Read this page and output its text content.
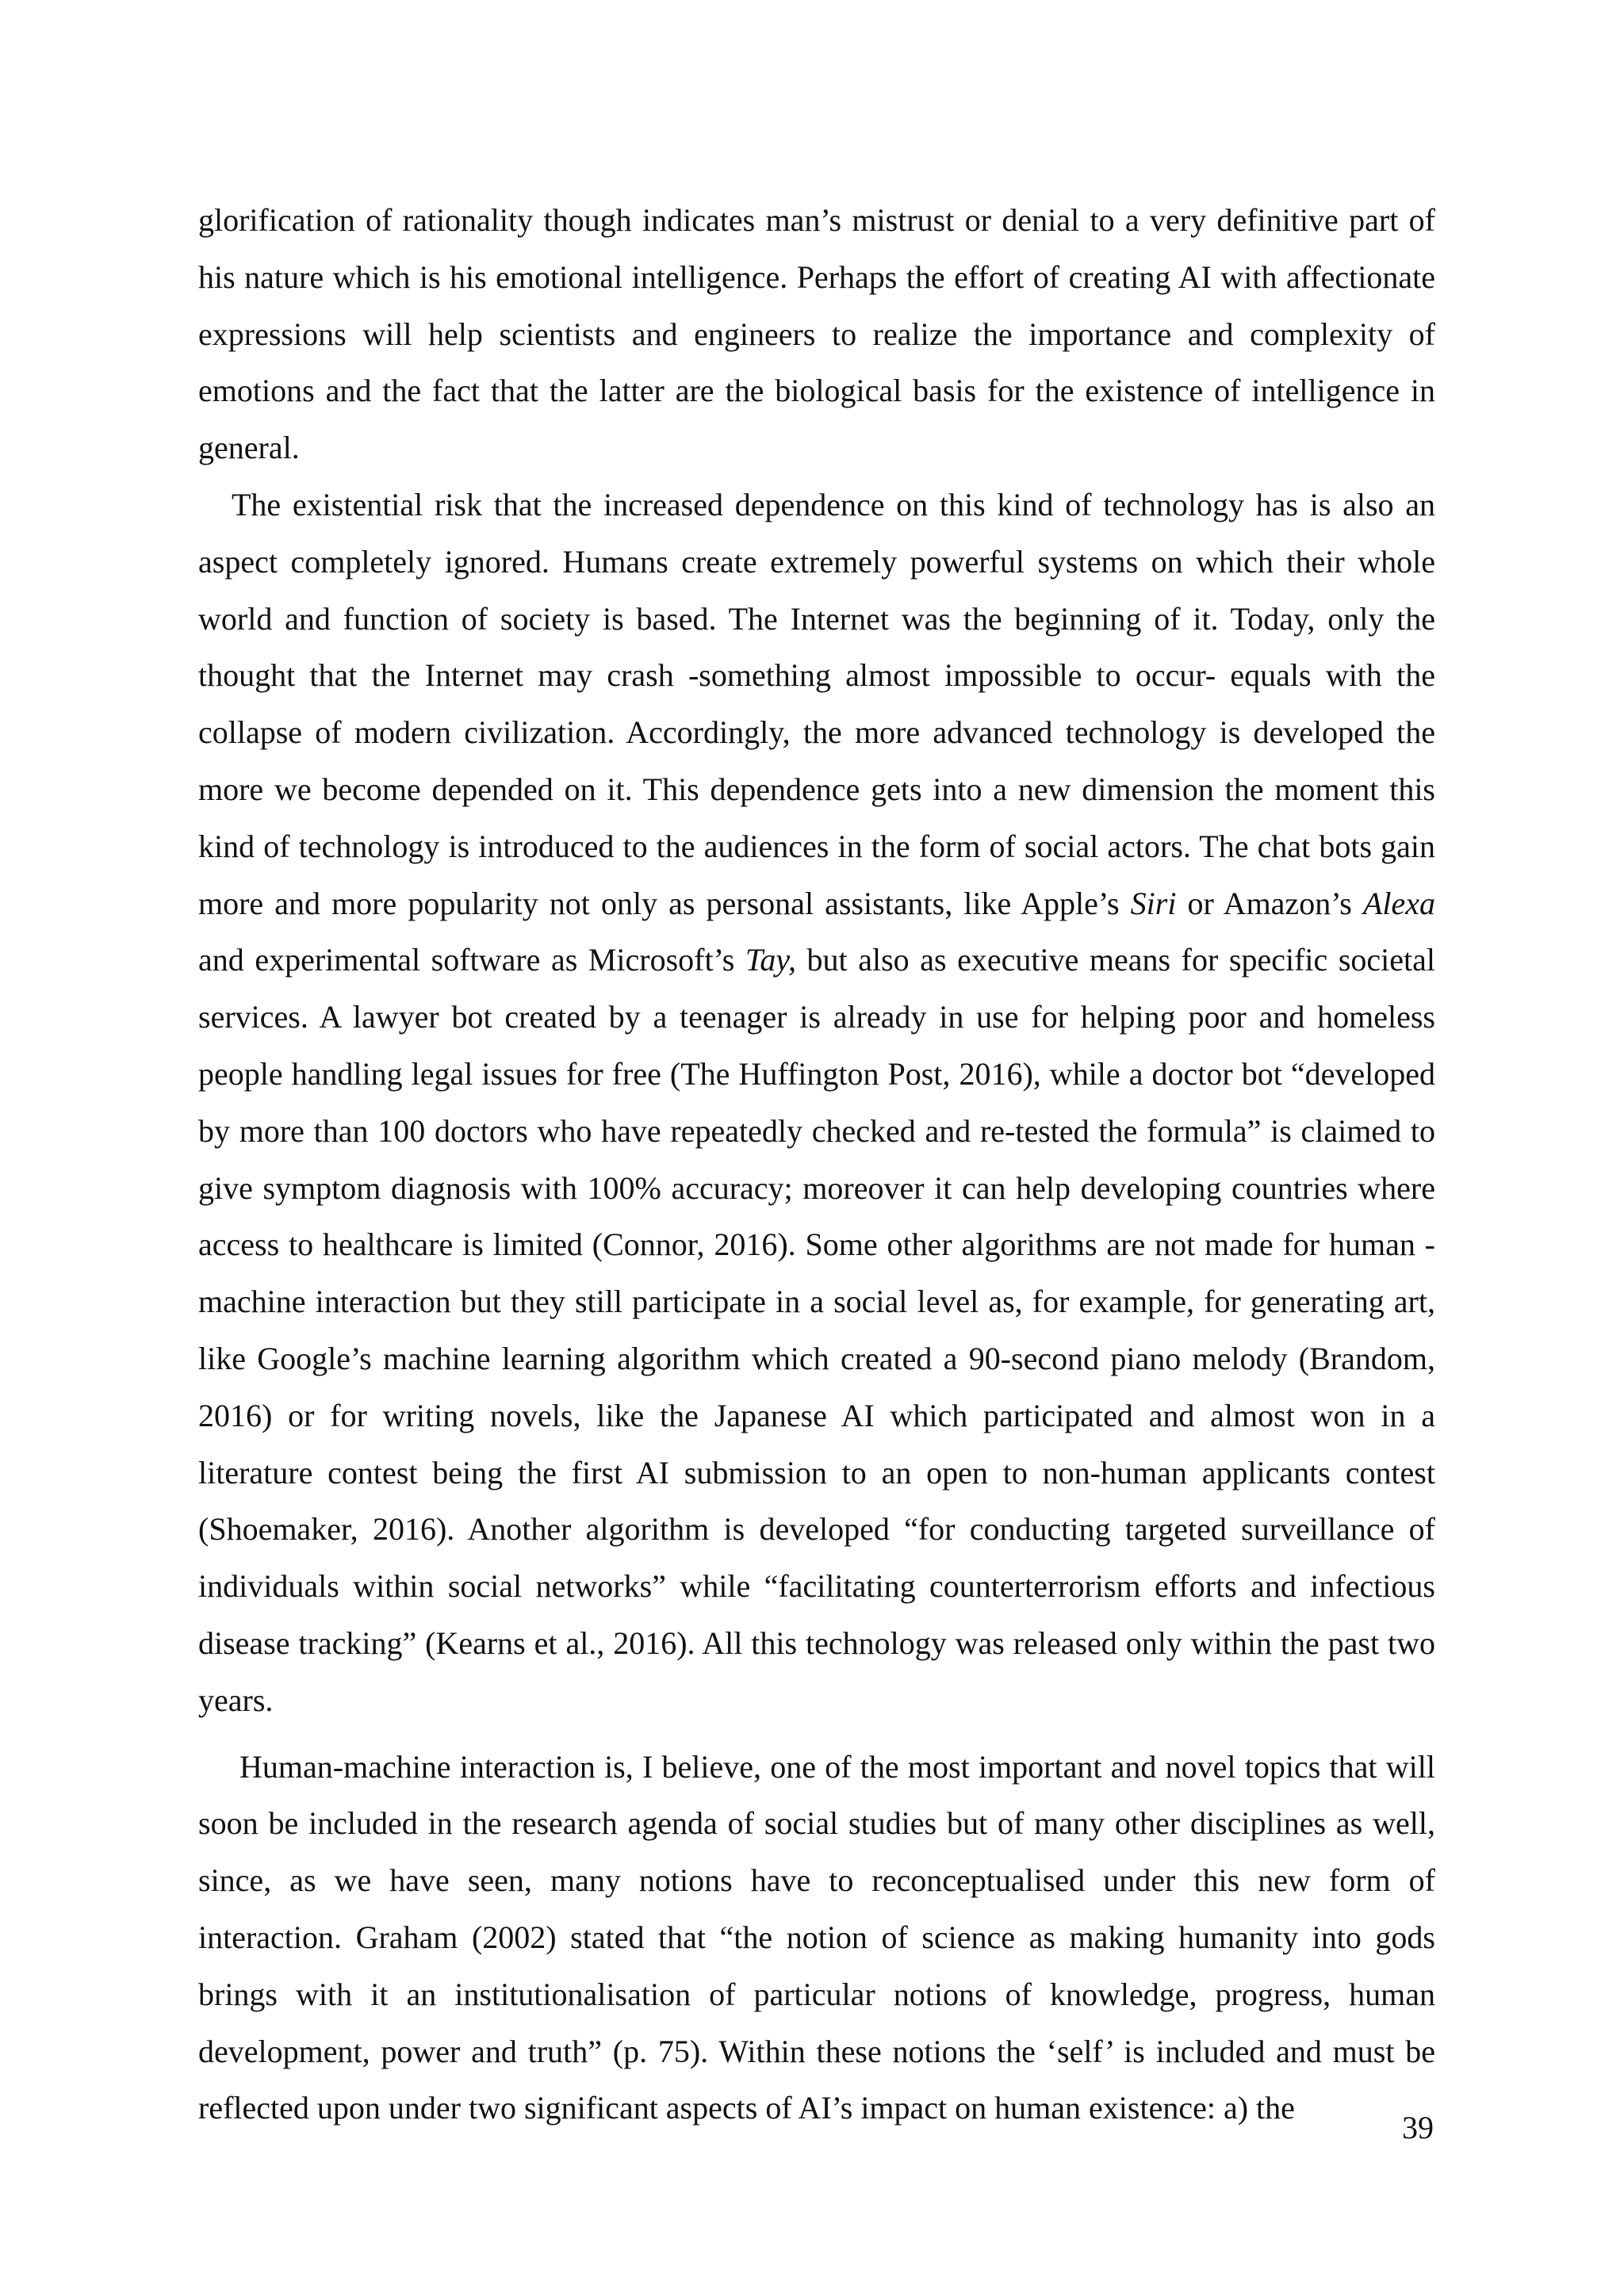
glorification of rationality though indicates man’s mistrust or denial to a very definitive part of his nature which is his emotional intelligence. Perhaps the effort of creating AI with affectionate expressions will help scientists and engineers to realize the importance and complexity of emotions and the fact that the latter are the biological basis for the existence of intelligence in general.

The existential risk that the increased dependence on this kind of technology has is also an aspect completely ignored. Humans create extremely powerful systems on which their whole world and function of society is based. The Internet was the beginning of it. Today, only the thought that the Internet may crash -something almost impossible to occur- equals with the collapse of modern civilization. Accordingly, the more advanced technology is developed the more we become depended on it. This dependence gets into a new dimension the moment this kind of technology is introduced to the audiences in the form of social actors. The chat bots gain more and more popularity not only as personal assistants, like Apple’s Siri or Amazon’s Alexa and experimental software as Microsoft’s Tay, but also as executive means for specific societal services. A lawyer bot created by a teenager is already in use for helping poor and homeless people handling legal issues for free (The Huffington Post, 2016), while a doctor bot “developed by more than 100 doctors who have repeatedly checked and re-tested the formula” is claimed to give symptom diagnosis with 100% accuracy; moreover it can help developing countries where access to healthcare is limited (Connor, 2016). Some other algorithms are not made for human - machine interaction but they still participate in a social level as, for example, for generating art, like Google’s machine learning algorithm which created a 90-second piano melody (Brandom, 2016) or for writing novels, like the Japanese AI which participated and almost won in a literature contest being the first AI submission to an open to non-human applicants contest (Shoemaker, 2016). Another algorithm is developed “for conducting targeted surveillance of individuals within social networks” while “facilitating counterterrorism efforts and infectious disease tracking” (Kearns et al., 2016). All this technology was released only within the past two years.

Human-machine interaction is, I believe, one of the most important and novel topics that will soon be included in the research agenda of social studies but of many other disciplines as well, since, as we have seen, many notions have to reconceptualised under this new form of interaction. Graham (2002) stated that “the notion of science as making humanity into gods brings with it an institutionalisation of particular notions of knowledge, progress, human development, power and truth” (p. 75). Within these notions the ‘self’ is included and must be reflected upon under two significant aspects of AI’s impact on human existence: a) the

39
